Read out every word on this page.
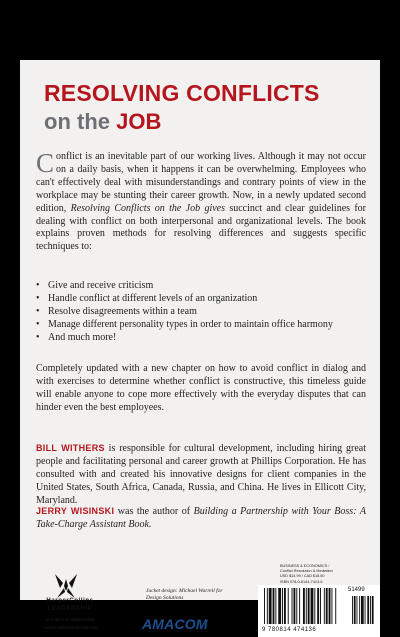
RESOLVING CONFLICTS
on the JOB

Conflict is an inevitable part of our working lives. Although it may not occur on a daily basis, when it happens it can be overwhelming. Employees who can't effectively deal with misunderstandings and contrary points of view in the workplace may be stunting their career growth. Now, in a newly updated second edition, Resolving Conflicts on the Job gives succinct and clear guidelines for dealing with conflict on both interpersonal and organizational levels. The book explains proven methods for resolving differences and suggests specific techniques to:

• Give and receive criticism
• Handle conflict at different levels of an organization
• Resolve disagreements within a team
• Manage different personality types in order to maintain office harmony
• And much more!

Completely updated with a new chapter on how to avoid conflict in dialog and with exercises to determine whether conflict is constructive, this timeless guide will enable anyone to cope more effectively with the everyday disputes that can hinder even the best employees.

BILL WITHERS is responsible for cultural development, including hiring great people and facilitating personal and career growth at Phillips Corporation. He has consulted with and created his innovative designs for client companies in the United States, South Africa, Canada, Russia, and China. He lives in Ellicott City, Maryland.

JERRY WISINSKI was the author of Building a Partnership with Your Boss: A Take-Charge Assistant Book.

HarperCollins
LEADERSHIP
An Imprint of HarperCollins
harpercollinsleadership.com
Jacket design: Michael Warrell for Design Solutions
AMACOM
BUSINESS & ECONOMICS /
Conflict Resolution & Mediation
USD $14.99 / CAD $18.50
ISBN 978-0-8144-7413-6
51499
9 780814 474136
